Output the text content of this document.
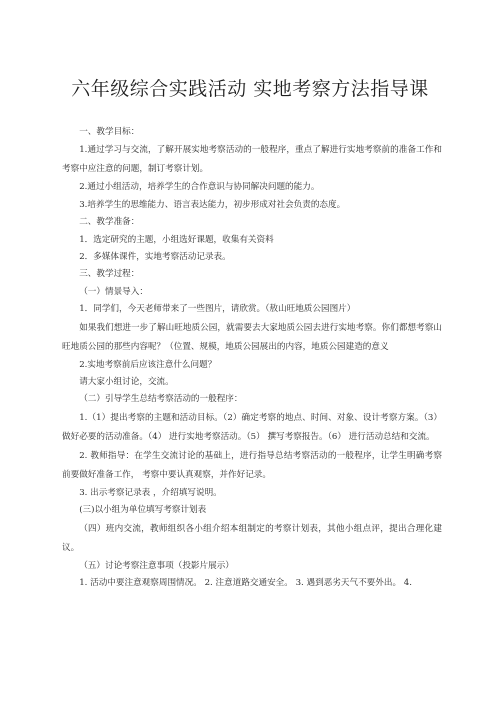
六年级综合实践活动 实地考察方法指导课

一、教学目标：

1.通过学习与交流，了解开展实地考察活动的一般程序，重点了解进行实地考察前的准备工作和考察中应注意的问题，制订考察计划。

2.通过小组活动，培养学生的合作意识与协同解决问题的能力。

3.培养学生的思维能力、语言表达能力，初步形成对社会负责的态度。

二、教学准备：

1．选定研究的主题，小组选好课题，收集有关资料

2．多媒体课件，实地考察活动记录表。

三、教学过程：

（一）情景导入：

1．同学们，今天老师带来了一些图片，请欣赏。（敖山旺地质公园图片）

如果我们想进一步了解山旺地质公园，就需要去大家地质公园去进行实地考察。你们都想考察山旺地质公园的那些内容呢？（位置、规模，地质公园展出的内容，地质公园建造的意义

2.实地考察前后应该注意什么问题？

请大家小组讨论，交流。

（二）引导学生总结考察活动的一般程序：

1.（1）提出考察的主题和活动目标。（2）确定考察的地点、时间、对象、设计考察方案。（3） 做好必要的活动准备。（4） 进行实地考察活动。（5） 撰写考察报告。（6） 进行活动总结和交流。

2. 教师指导：在学生交流讨论的基础上，进行指导总结考察活动的一般程序，让学生明确考察前要做好准备工作， 考察中要认真观察，并作好记录。

3. 出示考察记录表 ，介绍填写说明。

(三)以小组为单位填写考察计划表

（四）班内交流，教师组织各小组介绍本组制定的考察计划表，其他小组点评，提出合理化建议。

（五）讨论考察注意事项（投影片展示）

1. 活动中要注意观察周围情况。 2. 注意道路交通安全。 3. 遇到恶劣天气不要外出。 4.
